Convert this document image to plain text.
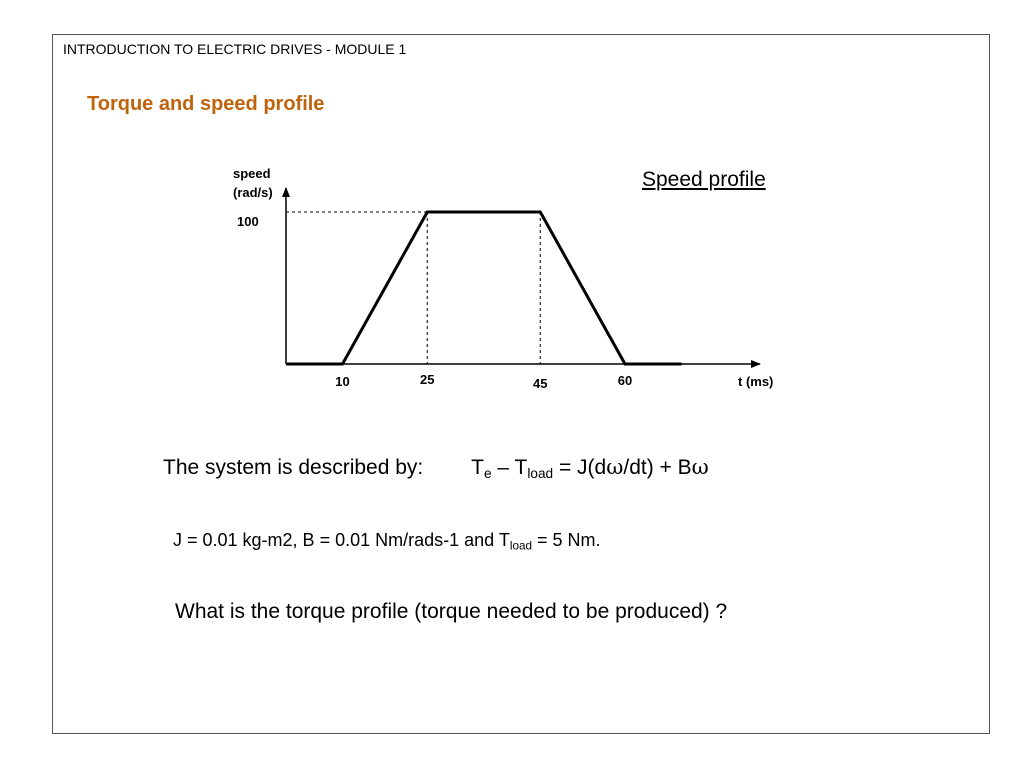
INTRODUCTION TO ELECTRIC DRIVES - MODULE 1
Torque and speed profile
Speed profile
speed
(rad/s)
t (ms)
10	25	45	60
100
The system is described by: $T_e - T_{load} = J(d\omega/dt) + B\omega$
J = 0.01 kg-m2, B = 0.01 Nm/rads-1 and $T_{load} = 5$ Nm.
What is the torque profile (torque needed to be produced) ?
